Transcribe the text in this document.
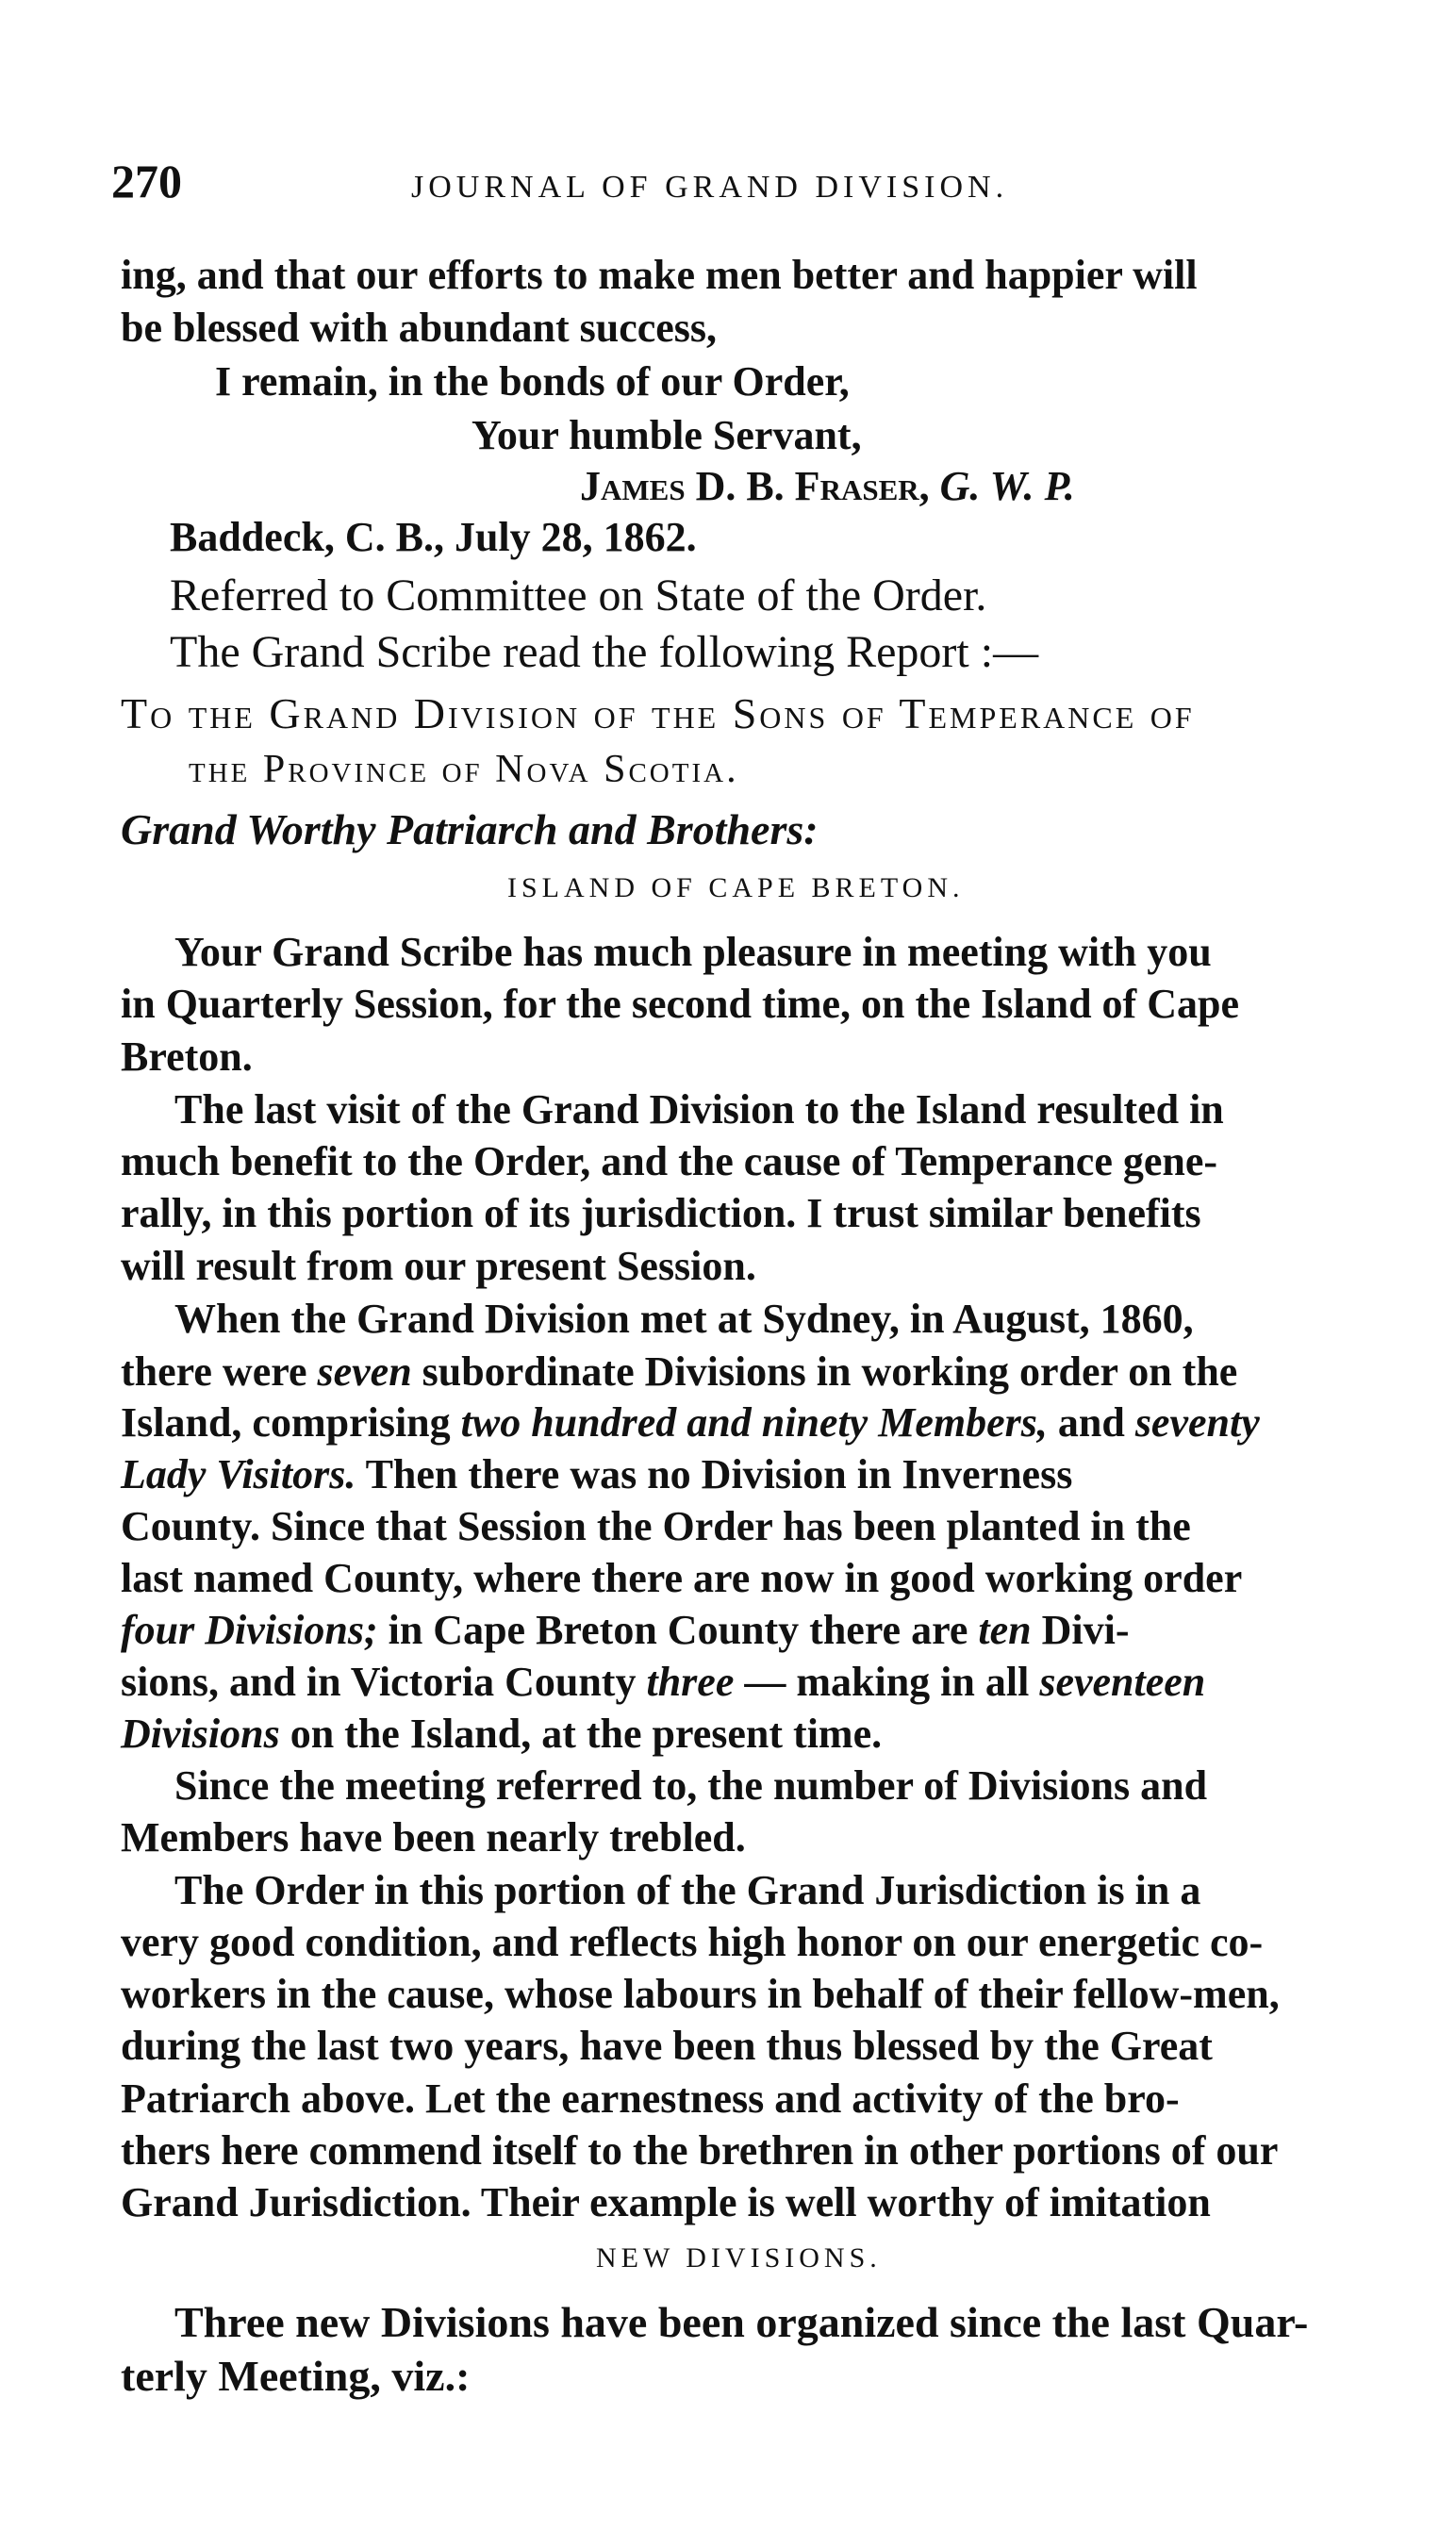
270	JOURNAL OF GRAND DIVISION.
ing, and that our efforts to make men better and happier will
be blessed with abundant success,
I remain, in the bonds of our Order,
Your humble Servant,
James D. B. Fraser, G. W. P.
Baddeck, C. B., July 28, 1862.
Referred to Committee on State of the Order.
The Grand Scribe read the following Report :—
To the Grand Division of the Sons of Temperance of
the Province of Nova Scotia.
Grand Worthy Patriarch and Brothers:
ISLAND OF CAPE BRETON.
Your Grand Scribe has much pleasure in meeting with you
in Quarterly Session, for the second time, on the Island of Cape
Breton.
The last visit of the Grand Division to the Island resulted in
much benefit to the Order, and the cause of Temperance gene-
rally, in this portion of its jurisdiction. I trust similar benefits
will result from our present Session.
When the Grand Division met at Sydney, in August, 1860,
there were seven subordinate Divisions in working order on the
Island, comprising two hundred and ninety Members, and seventy
Lady Visitors. Then there was no Division in Inverness
County. Since that Session the Order has been planted in the
last named County, where there are now in good working order
four Divisions; in Cape Breton County there are ten Divi-
sions, and in Victoria County three — making in all seventeen
Divisions on the Island, at the present time.
Since the meeting referred to, the number of Divisions and
Members have been nearly trebled.
The Order in this portion of the Grand Jurisdiction is in a
very good condition, and reflects high honor on our energetic co-
workers in the cause, whose labours in behalf of their fellow-men,
during the last two years, have been thus blessed by the Great
Patriarch above. Let the earnestness and activity of the bro-
thers here commend itself to the brethren in other portions of our
Grand Jurisdiction. Their example is well worthy of imitation
NEW DIVISIONS.
Three new Divisions have been organized since the last Quar-
terly Meeting, viz.:
